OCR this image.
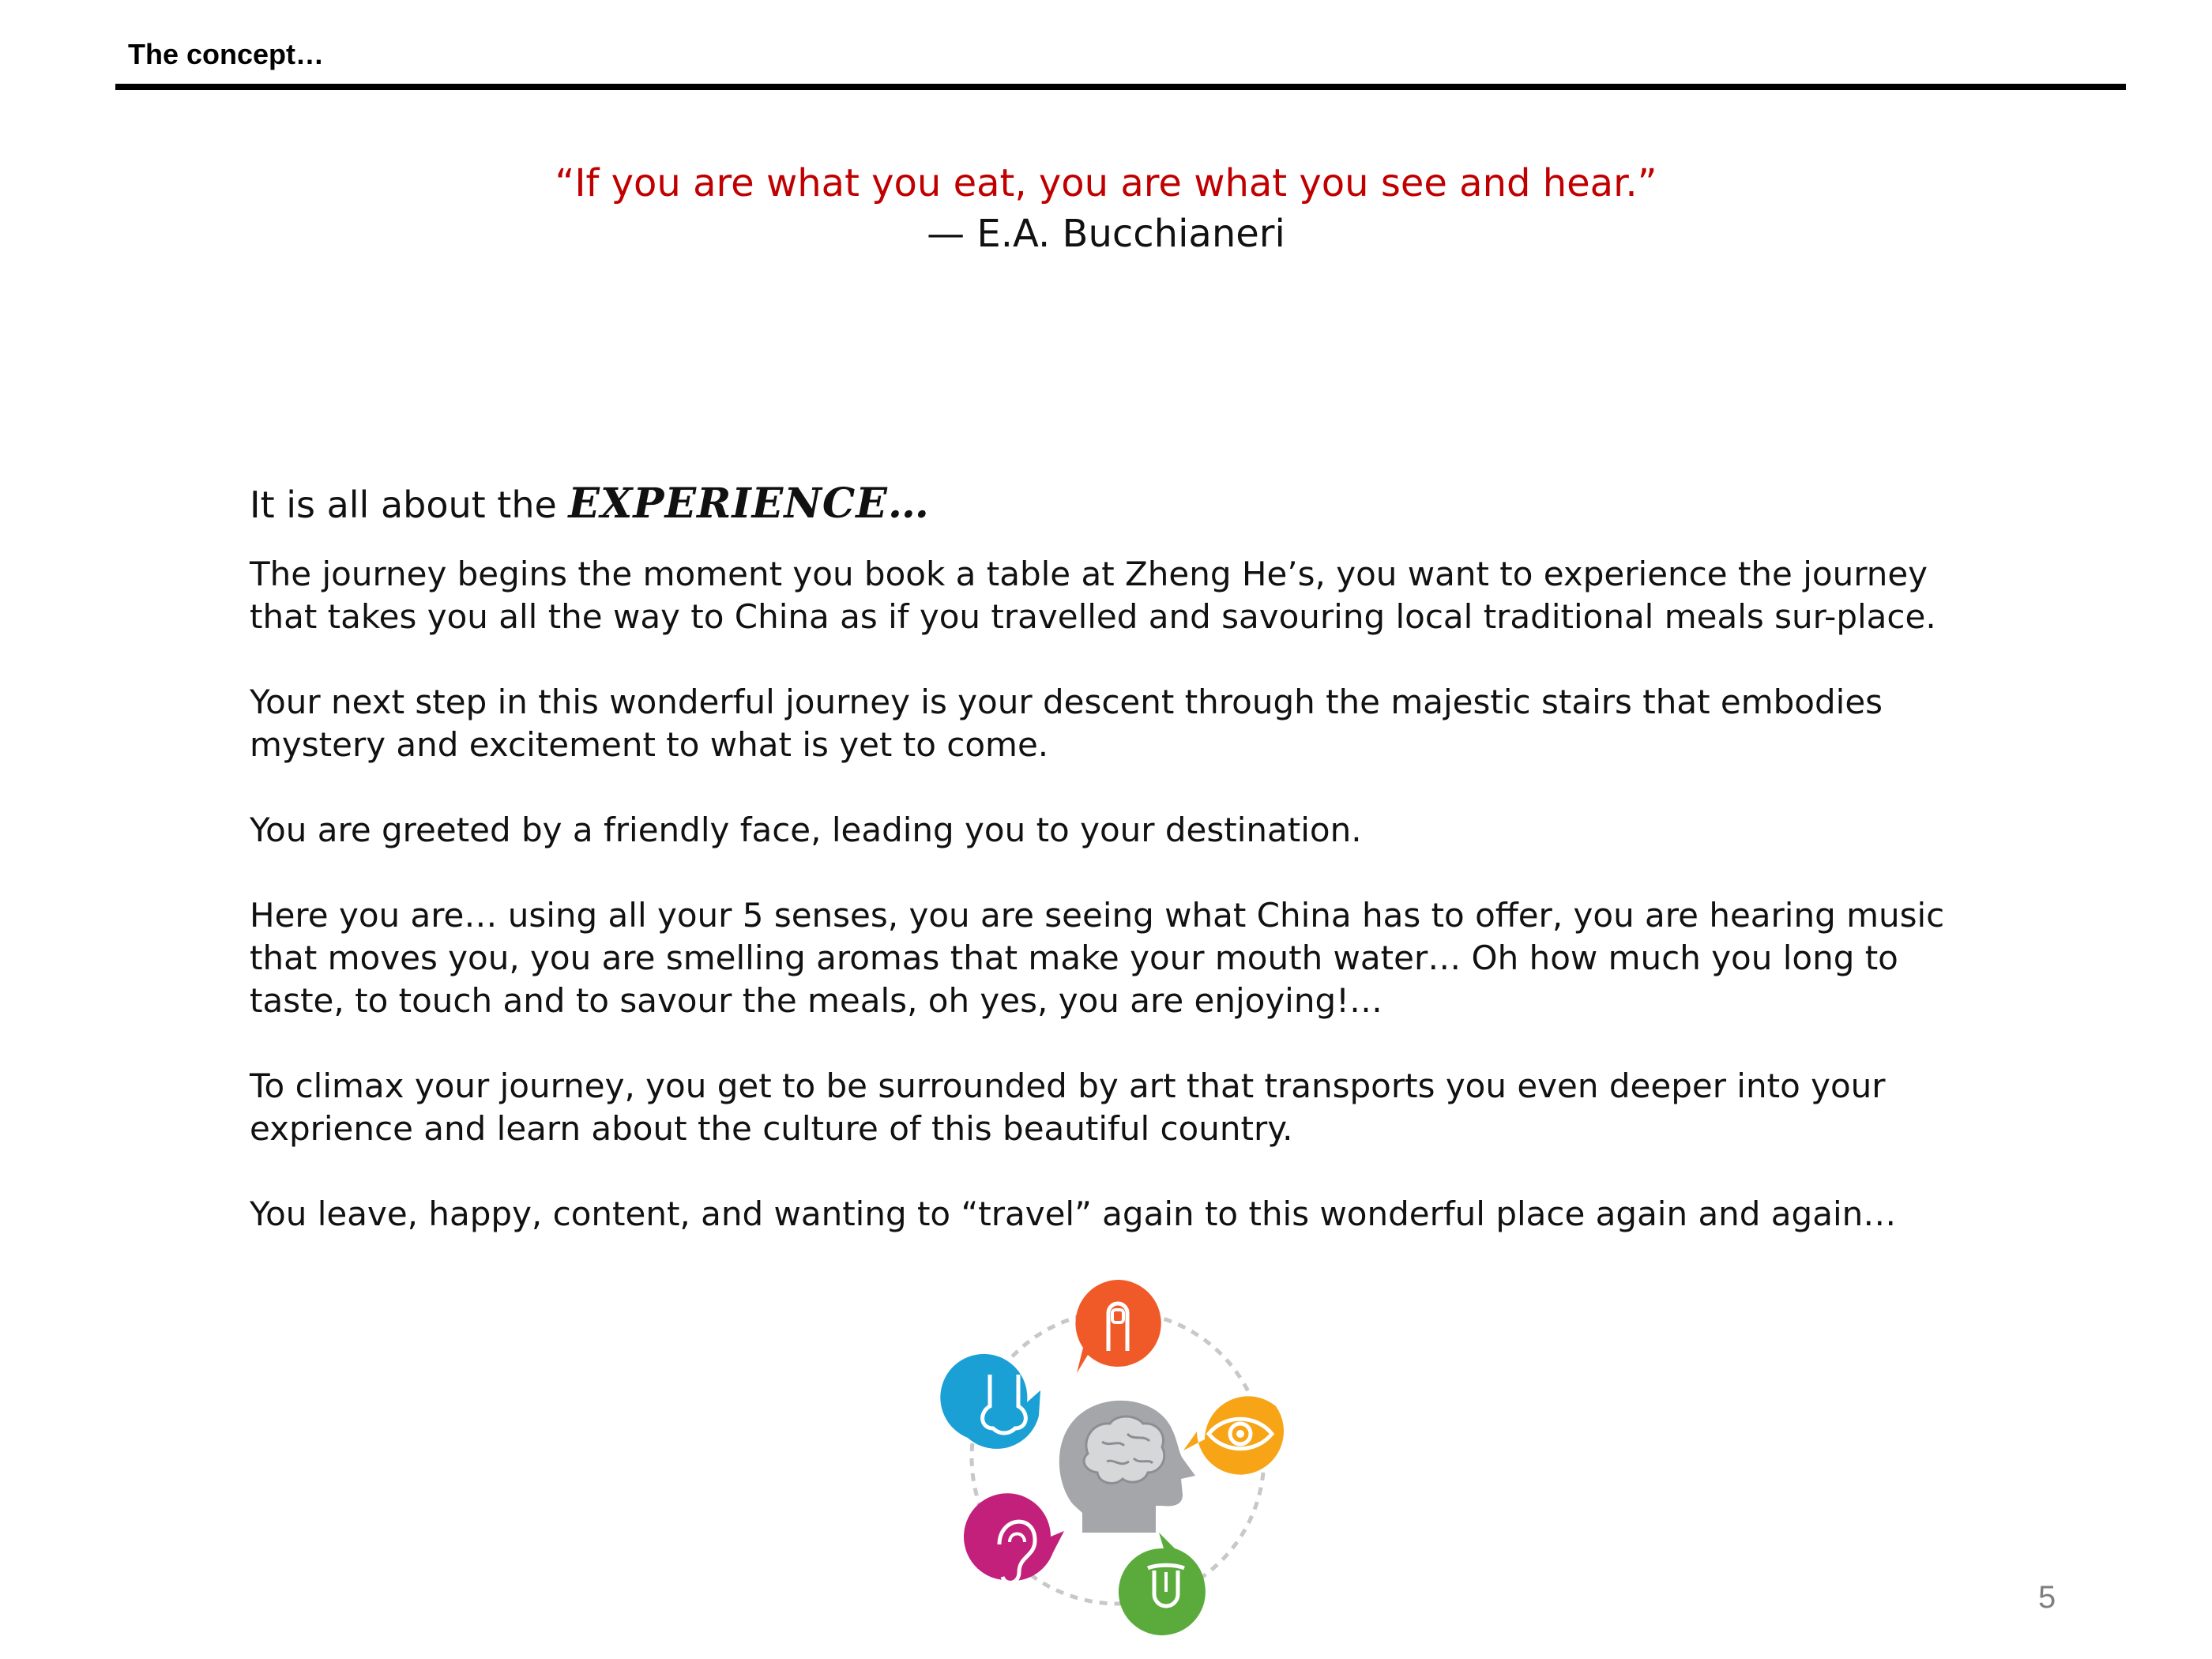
The concept…
“If you are what you eat, you are what you see and hear.”
— E.A. Bucchianeri
It is all about the EXPERIENCE…

The journey begins the moment you book a table at Zheng He’s, you want to experience the journey
that takes you all the way to China as if you travelled and savouring local traditional meals sur-place.

Your next step in this wonderful journey is your descent through the majestic stairs that embodies
mystery and excitement to what is yet to come.

You are greeted by a friendly face, leading you to your destination.

Here you are… using all your 5 senses, you are seeing what China has to offer, you are hearing music
that moves you, you are smelling aromas that make your mouth water… Oh how much you long to
taste, to touch and to savour the meals, oh yes, you are enjoying!…

To climax your journey, you get to be surrounded by art that transports you even deeper into your
exprience and learn about the culture of this beautiful country.

You leave, happy, content, and wanting to “travel” again to this wonderful place again and again…

5
